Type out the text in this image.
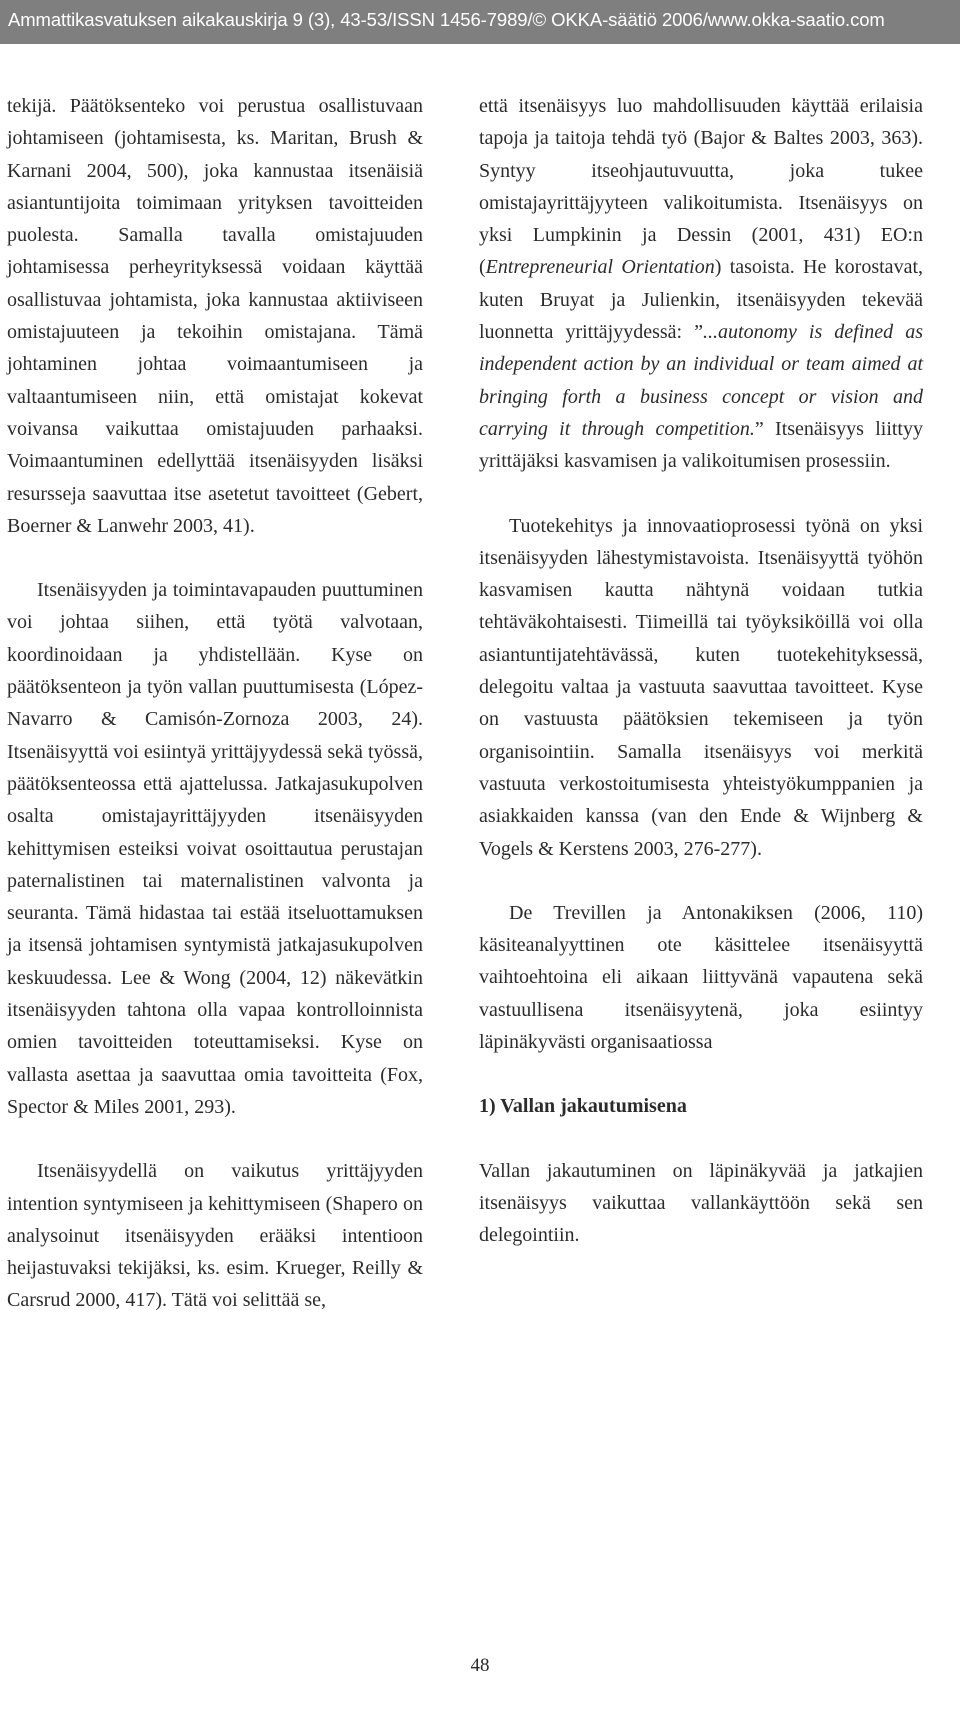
Ammattikasvatuksen aikakauskirja 9 (3), 43-53/ISSN 1456-7989/© OKKA-säätiö 2006/www.okka-saatio.com

tekijä. Päätöksenteko voi perustua osallistuvaan johtamiseen (johtamisesta, ks. Maritan, Brush & Karnani 2004, 500), joka kannustaa itsenäisiä asiantuntijoita toimimaan yrityksen tavoitteiden puolesta. Samalla tavalla omistajuuden johtamisessa perheyrityksessä voidaan käyttää osallistuvaa johtamista, joka kannustaa aktiiviseen omistajuuteen ja tekoihin omistajana. Tämä johtaminen johtaa voimaantumiseen ja valtaantumiseen niin, että omistajat kokevat voivansa vaikuttaa omistajuuden parhaaksi. Voimaantuminen edellyttää itsenäisyyden lisäksi resursseja saavuttaa itse asetetut tavoitteet (Gebert, Boerner & Lanwehr 2003, 41).

Itsenäisyyden ja toimintavapauden puuttuminen voi johtaa siihen, että työtä valvotaan, koordinoidaan ja yhdistellään. Kyse on päätöksenteon ja työn vallan puuttumisesta (López-Navarro & Camisón-Zornoza 2003, 24). Itsenäisyyttä voi esiintyä yrittäjyydessä sekä työssä, päätöksenteossa että ajattelussa. Jatkajasukupolven osalta omistajayrittäjyyden itsenäisyyden kehittymisen esteiksi voivat osoittautua perustajan paternalistinen tai maternalistinen valvonta ja seuranta. Tämä hidastaa tai estää itseluottamuksen ja itsensä johtamisen syntymistä jatkajasukupolven keskuudessa. Lee & Wong (2004, 12) näkevätkin itsenäisyyden tahtona olla vapaa kontrolloinnista omien tavoitteiden toteuttamiseksi. Kyse on vallasta asettaa ja saavuttaa omia tavoitteita (Fox, Spector & Miles 2001, 293).

Itsenäisyydellä on vaikutus yrittäjyyden intention syntymiseen ja kehittymiseen (Shapero on analysoinut itsenäisyyden erääksi intentioon heijastuvaksi tekijäksi, ks. esim. Krueger, Reilly & Carsrud 2000, 417). Tätä voi selittää se,

että itsenäisyys luo mahdollisuuden käyttää erilaisia tapoja ja taitoja tehdä työ (Bajor & Baltes 2003, 363). Syntyy itseohjautuvuutta, joka tukee omistajayrittäjyyteen valikoitumista. Itsenäisyys on yksi Lumpkinin ja Dessin (2001, 431) EO:n (Entrepreneurial Orientation) tasoista. He korostavat, kuten Bruyat ja Julienkin, itsenäisyyden tekevää luonnetta yrittäjyydessä: ”...autonomy is defined as independent action by an individual or team aimed at bringing forth a business concept or vision and carrying it through competition.” Itsenäisyys liittyy yrittäjäksi kasvamisen ja valikoitumisen prosessiin.

Tuotekehitys ja innovaatioprosessi työnä on yksi itsenäisyyden lähestymistavoista. Itsenäisyyttä työhön kasvamisen kautta nähtynä voidaan tutkia tehtäväkohtaisesti. Tiimeillä tai työyksiköillä voi olla asiantuntijatehtävässä, kuten tuotekehityksessä, delegoitu valtaa ja vastuuta saavuttaa tavoitteet. Kyse on vastuusta päätöksien tekemiseen ja työn organisointiin. Samalla itsenäisyys voi merkitä vastuuta verkostoitumisesta yhteistyökumppanien ja asiakkaiden kanssa (van den Ende & Wijnberg & Vogels & Kerstens 2003, 276-277).

De Trevillen ja Antonakiksen (2006, 110) käsiteanalyyttinen ote käsittelee itsenäisyyttä vaihtoehtoina eli aikaan liittyvänä vapautena sekä vastuullisena itsenäisyytenä, joka esiintyy läpinäkyvästi organisaatiossa

1) Vallan jakautumisena

Vallan jakautuminen on läpinäkyvää ja jatkajien itsenäisyys vaikuttaa vallankäyttöön sekä sen delegointiin.

48
